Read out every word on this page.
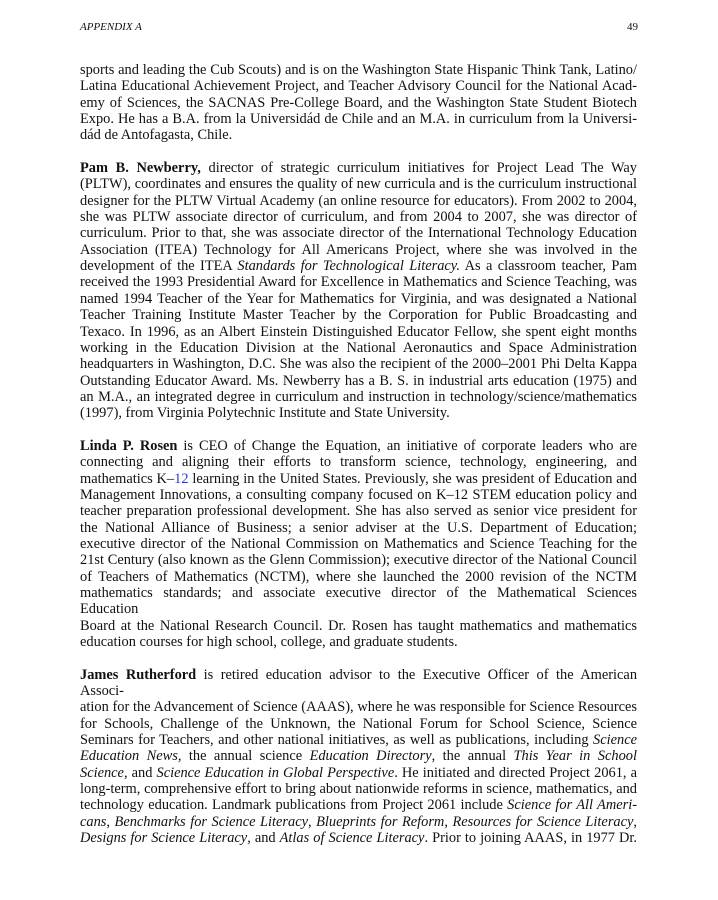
APPENDIX A	49

sports and leading the Cub Scouts) and is on the Washington State Hispanic Think Tank, Latino/
Latina Educational Achievement Project, and Teacher Advisory Council for the National Acad-
emy of Sciences, the SACNAS Pre-College Board, and the Washington State Student Biotech
Expo. He has a B.A. from la Universidád de Chile and an M.A. in curriculum from la Universi-
dád de Antofagasta, Chile.

Pam B. Newberry, director of strategic curriculum initiatives for Project Lead The Way
(PLTW), coordinates and ensures the quality of new curricula and is the curriculum instructional
designer for the PLTW Virtual Academy (an online resource for educators). From 2002 to 2004,
she was PLTW associate director of curriculum, and from 2004 to 2007, she was director of
curriculum. Prior to that, she was associate director of the International Technology Education
Association (ITEA) Technology for All Americans Project, where she was involved in the
development of the ITEA Standards for Technological Literacy. As a classroom teacher, Pam
received the 1993 Presidential Award for Excellence in Mathematics and Science Teaching, was
named 1994 Teacher of the Year for Mathematics for Virginia, and was designated a National
Teacher Training Institute Master Teacher by the Corporation for Public Broadcasting and
Texaco. In 1996, as an Albert Einstein Distinguished Educator Fellow, she spent eight months
working in the Education Division at the National Aeronautics and Space Administration
headquarters in Washington, D.C. She was also the recipient of the 2000–2001 Phi Delta Kappa
Outstanding Educator Award. Ms. Newberry has a B. S. in industrial arts education (1975) and
an M.A., an integrated degree in curriculum and instruction in technology/science/mathematics
(1997), from Virginia Polytechnic Institute and State University.

Linda P. Rosen is CEO of Change the Equation, an initiative of corporate leaders who are
connecting and aligning their efforts to transform science, technology, engineering, and
mathematics K–12 learning in the United States. Previously, she was president of Education and
Management Innovations, a consulting company focused on K–12 STEM education policy and
teacher preparation professional development. She has also served as senior vice president for
the National Alliance of Business; a senior adviser at the U.S. Department of Education;
executive director of the National Commission on Mathematics and Science Teaching for the
21st Century (also known as the Glenn Commission); executive director of the National Council
of Teachers of Mathematics (NCTM), where she launched the 2000 revision of the NCTM
mathematics standards; and associate executive director of the Mathematical Sciences Education
Board at the National Research Council. Dr. Rosen has taught mathematics and mathematics
education courses for high school, college, and graduate students.

James Rutherford is retired education advisor to the Executive Officer of the American Associ-
ation for the Advancement of Science (AAAS), where he was responsible for Science Resources
for Schools, Challenge of the Unknown, the National Forum for School Science, Science
Seminars for Teachers, and other national initiatives, as well as publications, including Science
Education News, the annual science Education Directory, the annual This Year in School
Science, and Science Education in Global Perspective. He initiated and directed Project 2061, a
long-term, comprehensive effort to bring about nationwide reforms in science, mathematics, and
technology education. Landmark publications from Project 2061 include Science for All Ameri-
cans, Benchmarks for Science Literacy, Blueprints for Reform, Resources for Science Literacy,
Designs for Science Literacy, and Atlas of Science Literacy. Prior to joining AAAS, in 1977 Dr.
